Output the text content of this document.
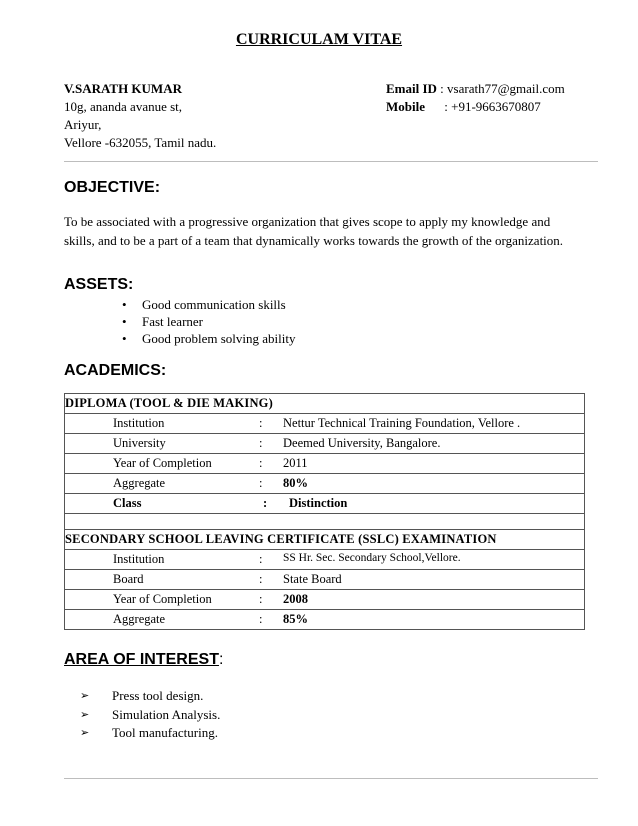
CURRICULAM VITAE
V.SARATH KUMAR
10g, ananda avanue st,
Ariyur,
Vellore -632055, Tamil nadu.
Email ID : vsarath77@gmail.com
Mobile : +91-9663670807
OBJECTIVE:
To be associated with a progressive organization that gives scope to apply my knowledge and skills, and to be a part of a team that dynamically works towards the growth of the organization.
ASSETS:
• Good communication skills
• Fast learner
• Good problem solving ability
ACADEMICS:
DIPLOMA (TOOL & DIE MAKING)

Institution	:	Nettur Technical Training Foundation, Vellore .

University	:	Deemed University, Bangalore.

Year of Completion	:	2011

Aggregate	:	80%

Class	:	Distinction

SECONDARY SCHOOL LEAVING CERTIFICATE (SSLC) EXAMINATION

Institution	:	SS Hr. Sec. Secondary School,Vellore.

Board	:	State Board

Year of Completion	:	2008

Aggregate	:	85%
AREA OF INTEREST:
➢ Press tool design.
➢ Simulation Analysis.
➢ Tool manufacturing.
